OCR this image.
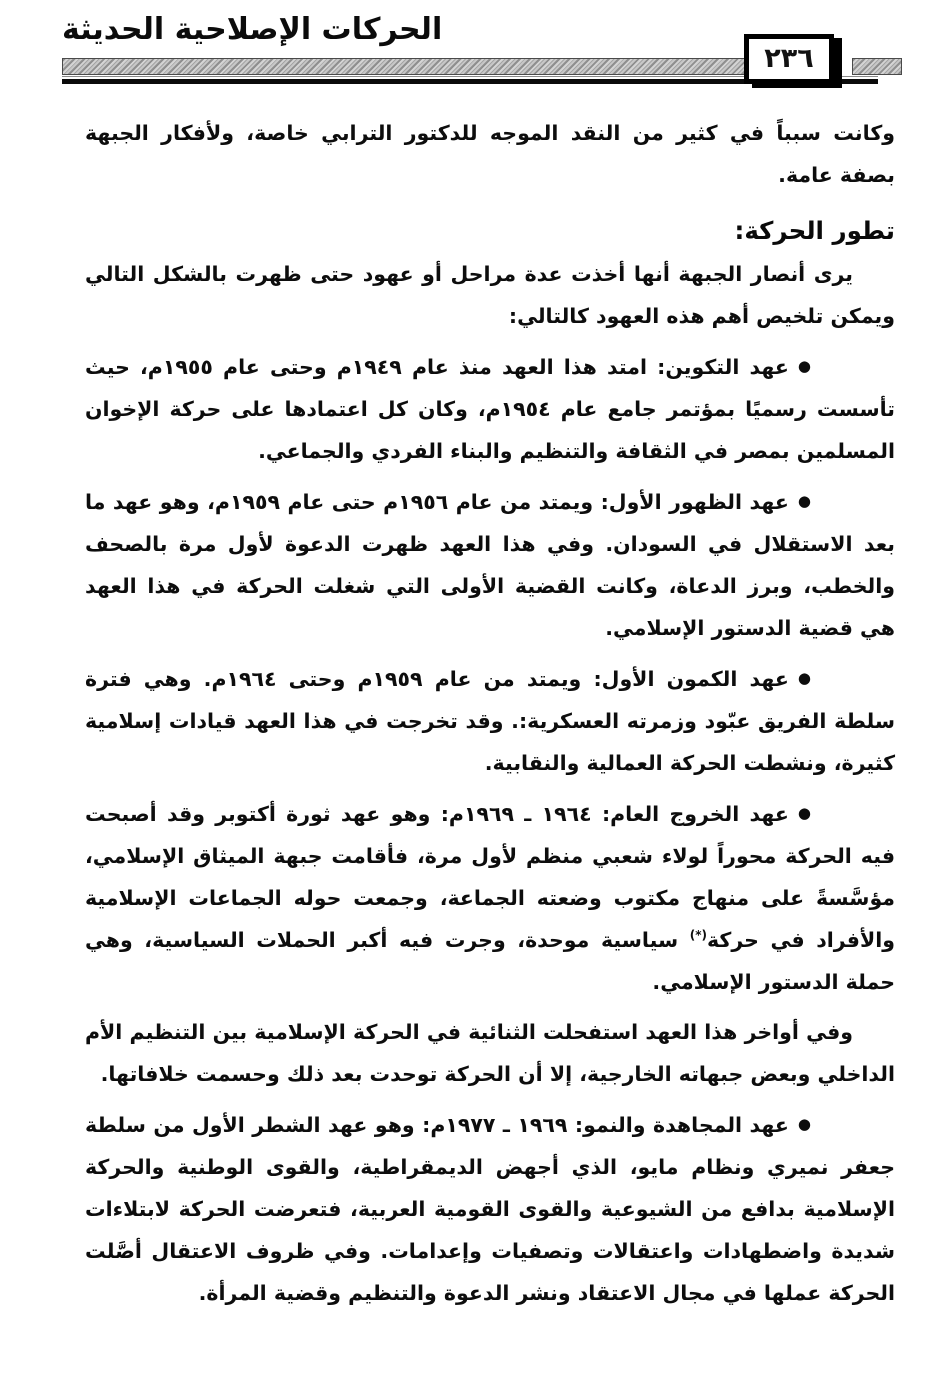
الحركات الإصلاحية الحديثة
٢٣٦

وكانت سبباً في كثير من النقد الموجه للدكتور الترابي خاصة، ولأفكار الجبهة بصفة عامة.

تطور الحركة:

يرى أنصار الجبهة أنها أخذت عدة مراحل أو عهود حتى ظهرت بالشكل التالي ويمكن تلخيص أهم هذه العهود كالتالي:

●عهد التكوين: امتد هذا العهد منذ عام ١٩٤٩م وحتى عام ١٩٥٥م، حيث تأسست رسميًا بمؤتمر جامع عام ١٩٥٤م، وكان كل اعتمادها على حركة الإخوان المسلمين بمصر في الثقافة والتنظيم والبناء الفردي والجماعي.

●عهد الظهور الأول: ويمتد من عام ١٩٥٦م حتى عام ١٩٥٩م، وهو عهد ما بعد الاستقلال في السودان. وفي هذا العهد ظهرت الدعوة لأول مرة بالصحف والخطب، وبرز الدعاة، وكانت القضية الأولى التي شغلت الحركة في هذا العهد هي قضية الدستور الإسلامي.

●عهد الكمون الأول: ويمتد من عام ١٩٥٩م وحتى ١٩٦٤م. وهي فترة سلطة الفريق عبّود وزمرته العسكرية:. وقد تخرجت في هذا العهد قيادات إسلامية كثيرة، ونشطت الحركة العمالية والنقابية.

●عهد الخروج العام: ١٩٦٤ ـ ١٩٦٩م: وهو عهد ثورة أكتوبر وقد أصبحت فيه الحركة محوراً لولاء شعبي منظم لأول مرة، فأقامت جبهة الميثاق الإسلامي، مؤسَّسةً على منهاج مكتوب وضعته الجماعة، وجمعت حوله الجماعات الإسلامية والأفراد في حركة(*) سياسية موحدة، وجرت فيه أكبر الحملات السياسية، وهي حملة الدستور الإسلامي.

وفي أواخر هذا العهد استفحلت الثنائية في الحركة الإسلامية بين التنظيم الأم الداخلي وبعض جبهاته الخارجية، إلا أن الحركة توحدت بعد ذلك وحسمت خلافاتها.

●عهد المجاهدة والنمو: ١٩٦٩ ـ ١٩٧٧م: وهو عهد الشطر الأول من سلطة جعفر نميري ونظام مايو، الذي أجهض الديمقراطية، والقوى الوطنية والحركة الإسلامية بدافع من الشيوعية والقوى القومية العربية، فتعرضت الحركة لابتلاءات شديدة واضطهادات واعتقالات وتصفيات وإعدامات. وفي ظروف الاعتقال أصَّلت الحركة عملها في مجال الاعتقاد ونشر الدعوة والتنظيم وقضية المرأة.
